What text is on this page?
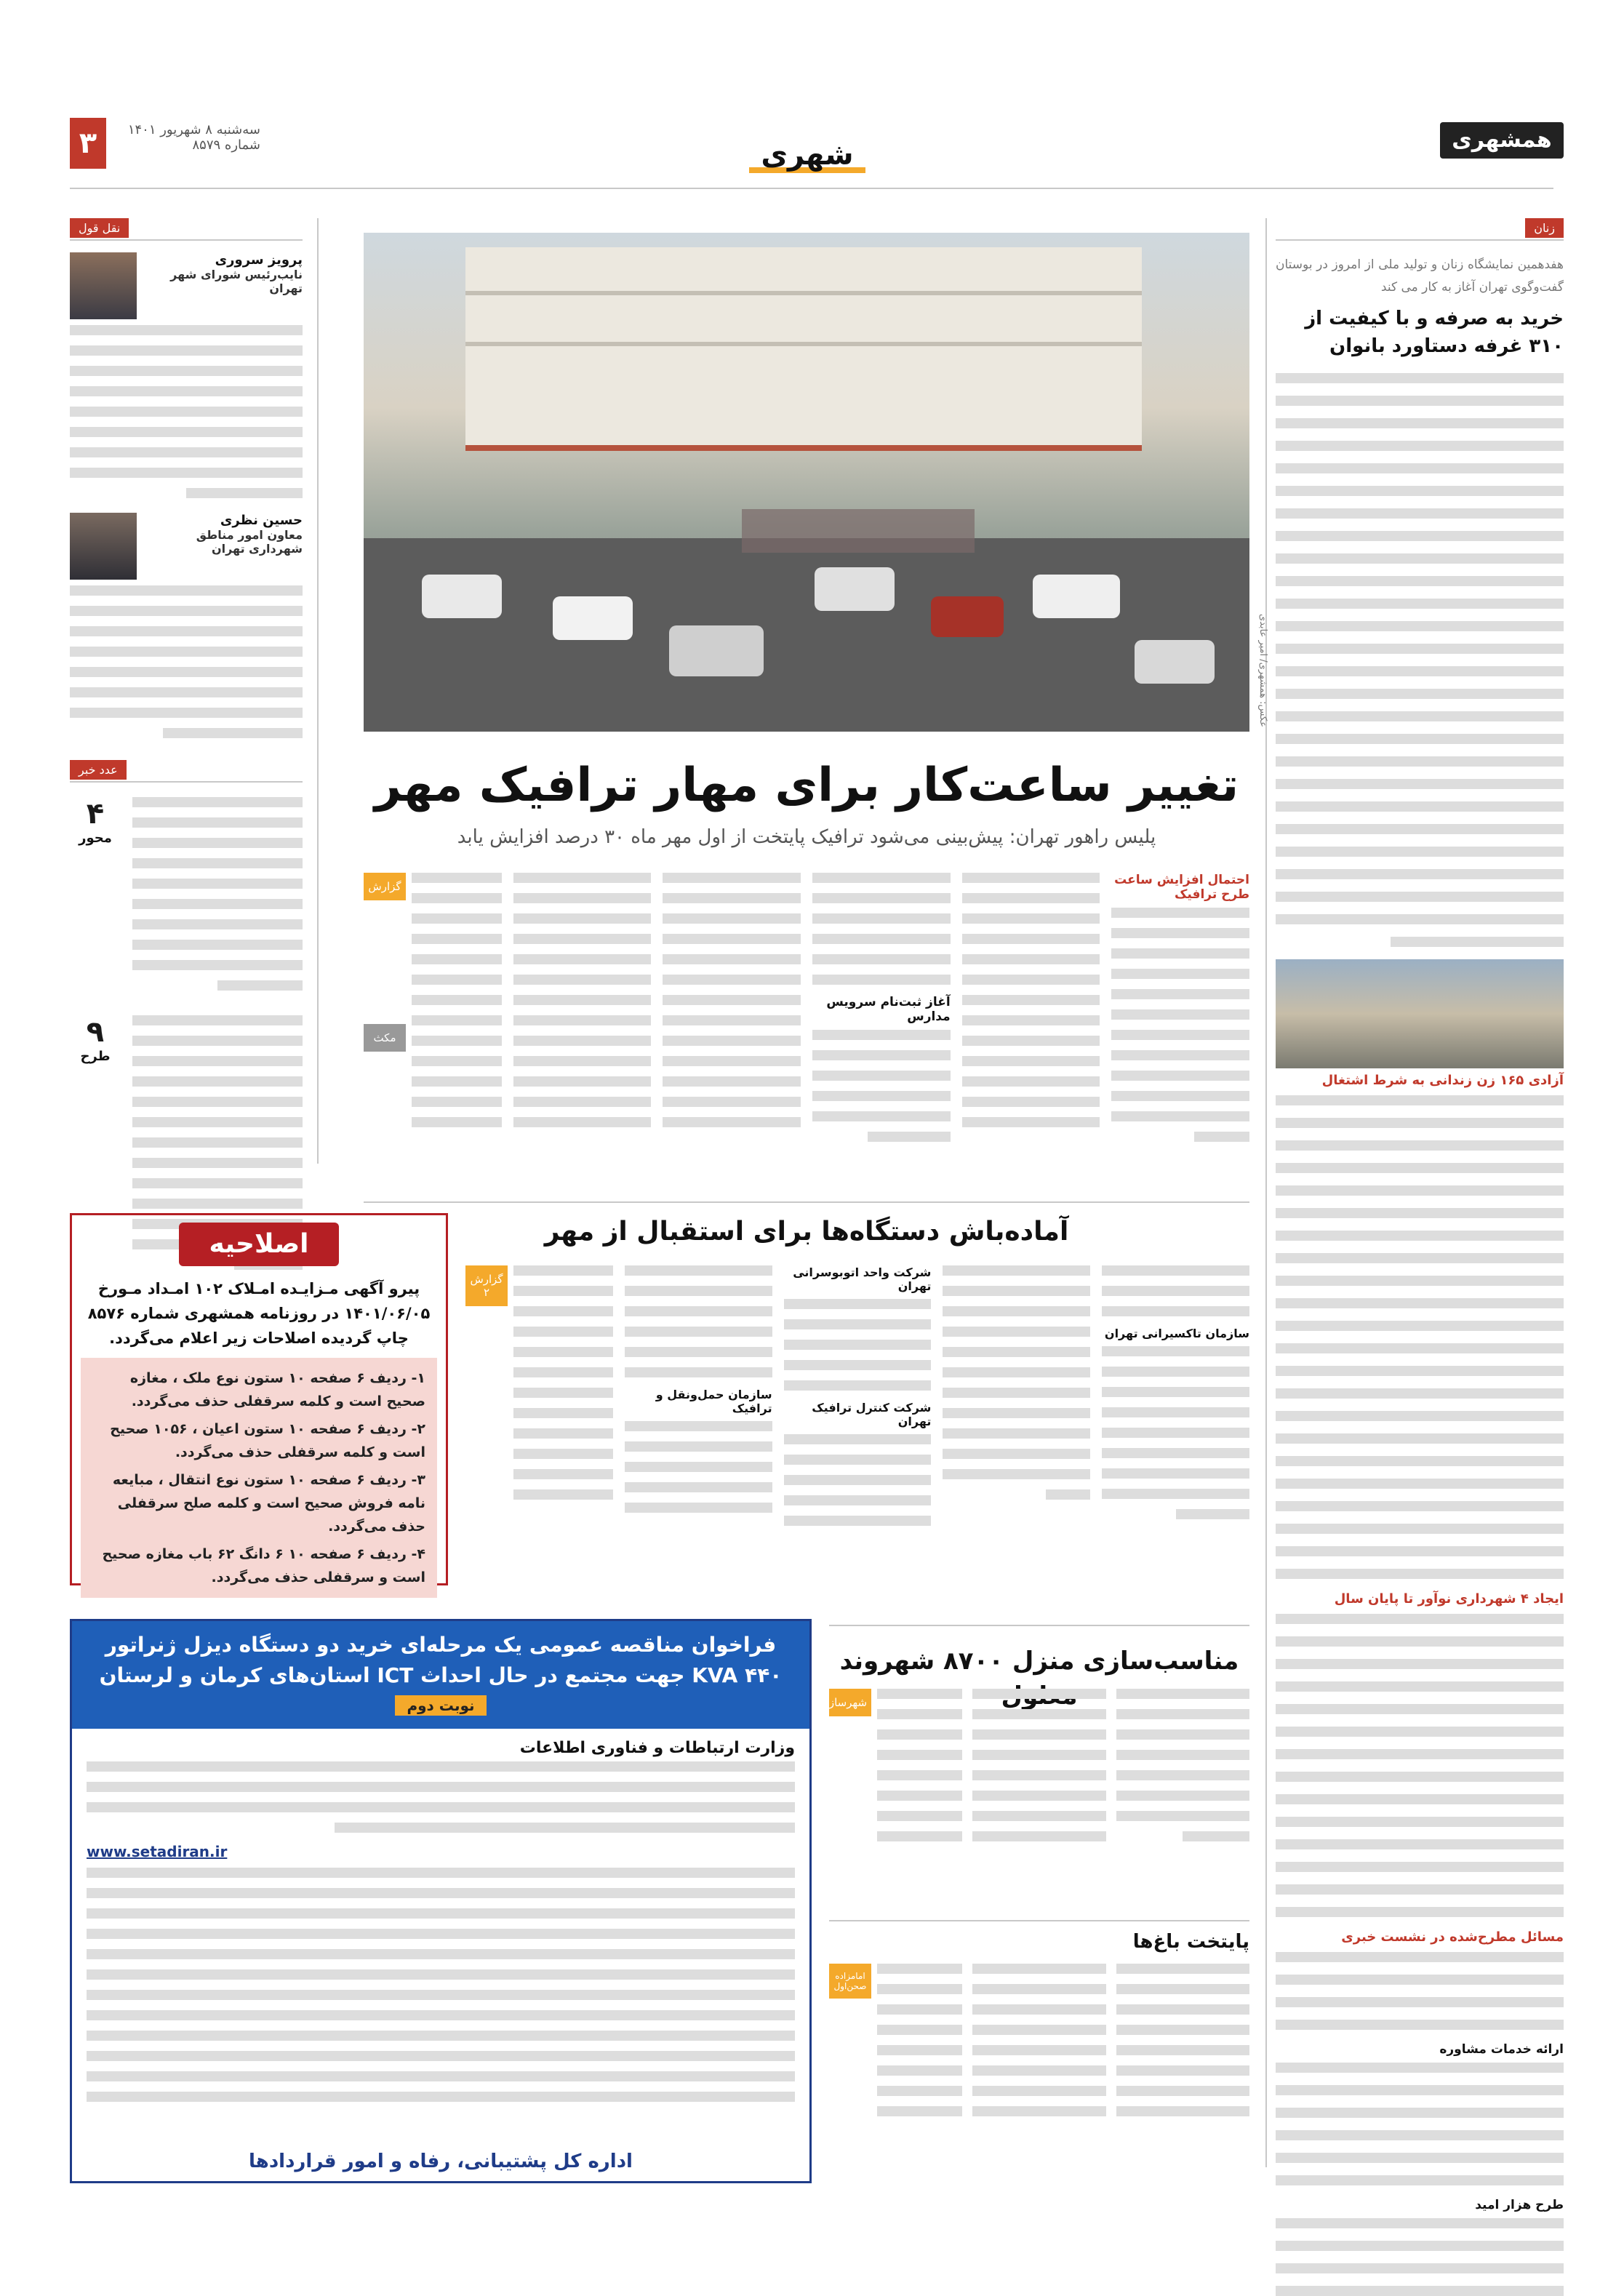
همشهری
شهری
۳	سه‌شنبه ۸ شهریور ۱۴۰۱
شماره ۸۵۷۹
زنان
هفدهمین نمایشگاه زنان و تولید ملی از امروز در بوستان گفت‌وگوی تهران آغاز به کار می کند
خرید به صرفه و با کیفیت از ۳۱۰ غرفه دستاورد بانوان
آزادی ۱۶۵ زن زندانی به شرط اشتغال
ایجاد ۴ شهرداری نوآور تا پایان سال
مسائل مطرح‌شده در نشست خبری
ارائه خدمات مشاوره
طرح هزار امید
نقل قول
پرویز سروری
نایب‌رئیس شورای شهر تهران
حسین نظری
معاون امور مناطق شهرداری تهران
عدد خبر
۴
محور
۹
طرح
عکس: همشهری/ امیر عابدی
تغییر ساعت‌کار برای مهار ترافیک مهر
پلیس راهور تهران: پیش‌بینی می‌شود ترافیک پایتخت از اول مهر ماه ۳۰ درصد افزایش یابد
احتمال افزایش ساعت طرح ترافیک
آغاز ثبت‌نام سرویس مدارس
گزارش
مکث
آماده‌باش دستگاه‌ها برای استقبال از مهر
سازمان تاکسیرانی تهران
شرکت واحد اتوبوسرانی تهران
شرکت کنترل ترافیک تهران
سازمان حمل‌ونقل و ترافیک
گزارش ۲
اصلاحیه
پیرو آگهی مـزایـده امـلاک ۱۰۲ امـداد مـورخ ۱۴۰۱/۰۶/۰۵ در روزنامه همشهری شماره ۸۵۷۶ چاپ گردیده اصلاحات زیر اعلام می‌گردد.
۱- ردیف ۶ صفحه ۱۰ ستون نوع ملک ، مغازه صحیح است و کلمه سرقفلی حذف می‌گردد.
۲- ردیف ۶ صفحه ۱۰ ستون اعیان ، ۱۰۵۶ صحیح است و کلمه سرقفلی حذف می‌گردد.
۳- ردیف ۶ صفحه ۱۰ ستون نوع انتقال ، مبایعه نامه فروش صحیح است و کلمه صلح سرقفلی حذف می‌گردد.
۴- ردیف ۶ صفحه ۱۰ ۶ دانگ ۶۲ باب مغازه صحیح است و سرقفلی حذف می‌گردد.
مناسب‌سازی منزل ۸۷۰۰ شهروند
شهرسازی
فراخوان مناقصه عمومی یک مرحله‌ای خرید دو دستگاه دیزل ژنراتور ۴۴۰ KVA جهت مجتمع در حال احداث ICT استان‌های کرمان و لرستان
نوبت دوم
وزارت ارتباطات و فناوری اطلاعات
www.setadiran.ir
اداره کل پشتیبانی، رفاه و امور قراردادها
پایتخت باغ‌ها
امامزاده صحن‌اول
